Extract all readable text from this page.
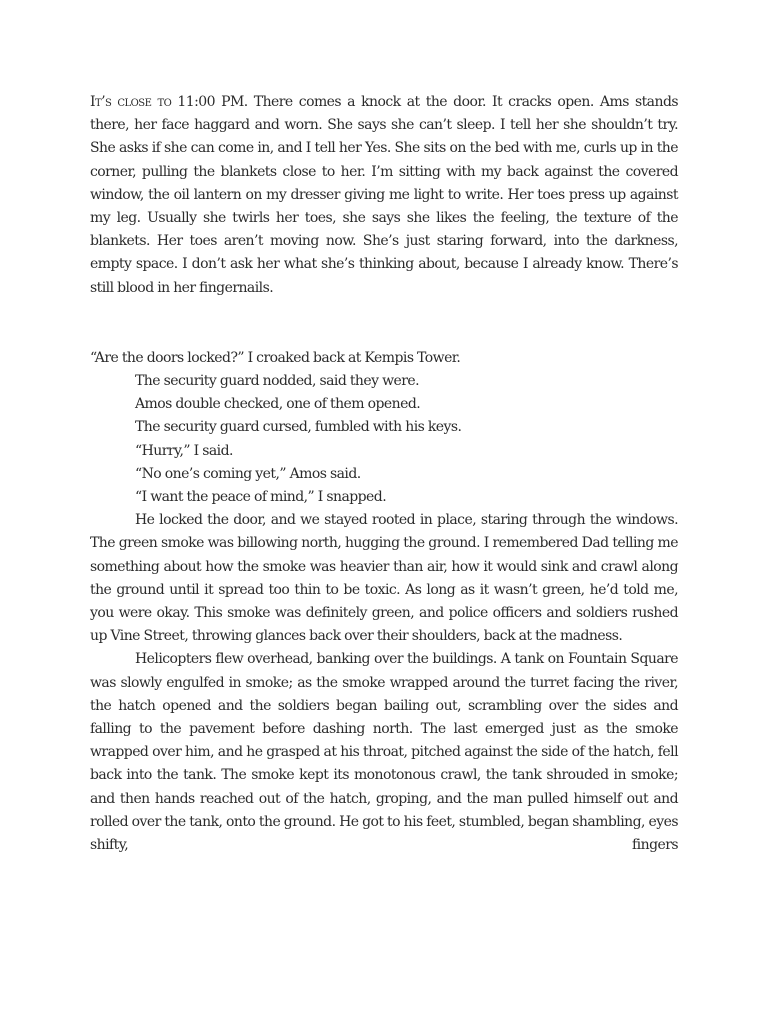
It’s close to 11:00 PM. There comes a knock at the door. It cracks open. Ams stands there, her face haggard and worn. She says she can’t sleep. I tell her she shouldn’t try. She asks if she can come in, and I tell her Yes. She sits on the bed with me, curls up in the corner, pulling the blankets close to her. I’m sitting with my back against the covered window, the oil lantern on my dresser giving me light to write. Her toes press up against my leg. Usually she twirls her toes, she says she likes the feeling, the texture of the blankets. Her toes aren’t moving now. She’s just staring forward, into the darkness, empty space. I don’t ask her what she’s thinking about, because I already know. There’s still blood in her fingernails.

“Are the doors locked?” I croaked back at Kempis Tower.

The security guard nodded, said they were.

Amos double checked, one of them opened.

The security guard cursed, fumbled with his keys.

“Hurry,” I said.

“No one’s coming yet,” Amos said.

“I want the peace of mind,” I snapped.

He locked the door, and we stayed rooted in place, staring through the windows. The green smoke was billowing north, hugging the ground. I remembered Dad telling me something about how the smoke was heavier than air, how it would sink and crawl along the ground until it spread too thin to be toxic. As long as it wasn’t green, he’d told me, you were okay. This smoke was definitely green, and police officers and soldiers rushed up Vine Street, throwing glances back over their shoulders, back at the madness.

Helicopters flew overhead, banking over the buildings. A tank on Fountain Square was slowly engulfed in smoke; as the smoke wrapped around the turret facing the river, the hatch opened and the soldiers began bailing out, scrambling over the sides and falling to the pavement before dashing north. The last emerged just as the smoke wrapped over him, and he grasped at his throat, pitched against the side of the hatch, fell back into the tank. The smoke kept its monotonous crawl, the tank shrouded in smoke; and then hands reached out of the hatch, groping, and the man pulled himself out and rolled over the tank, onto the ground. He got to his feet, stumbled, began shambling, eyes shifty, fingers
